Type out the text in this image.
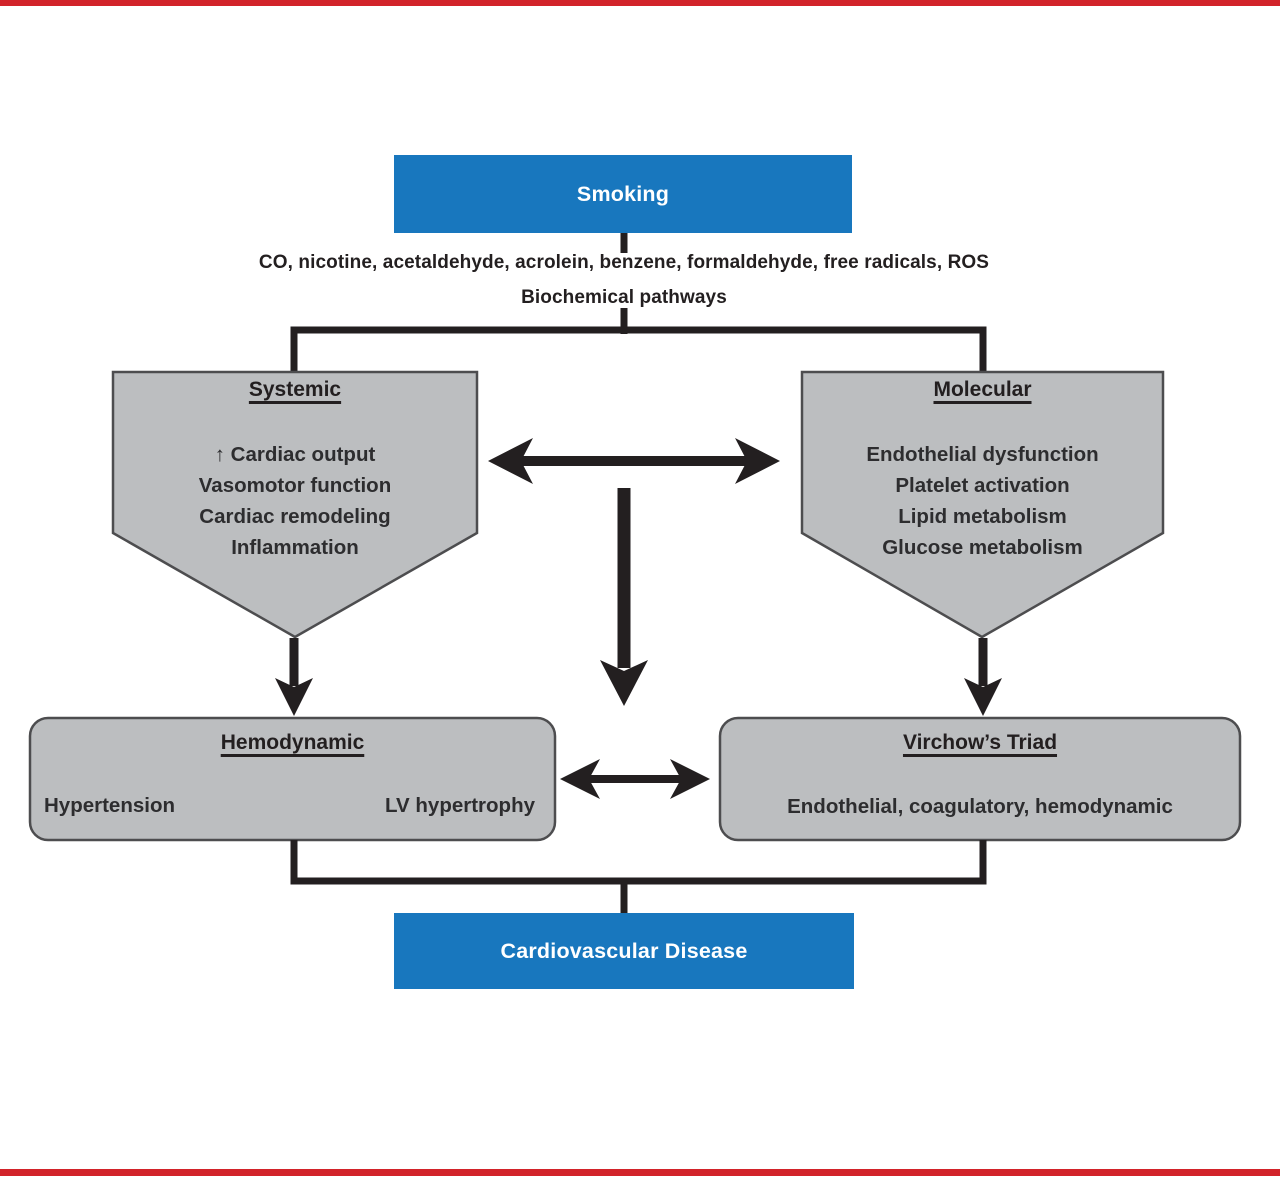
Smoking
CO, nicotine, acetaldehyde, acrolein, benzene, formaldehyde, free radicals, ROS
Biochemical pathways
Systemic
↑ Cardiac output
Vasomotor function
Cardiac remodeling
Inflammation
Molecular
Endothelial dysfunction
Platelet activation
Lipid metabolism
Glucose metabolism
Hemodynamic
Hypertension	LV hypertrophy
Virchow’s Triad
Endothelial, coagulatory, hemodynamic
Cardiovascular Disease
